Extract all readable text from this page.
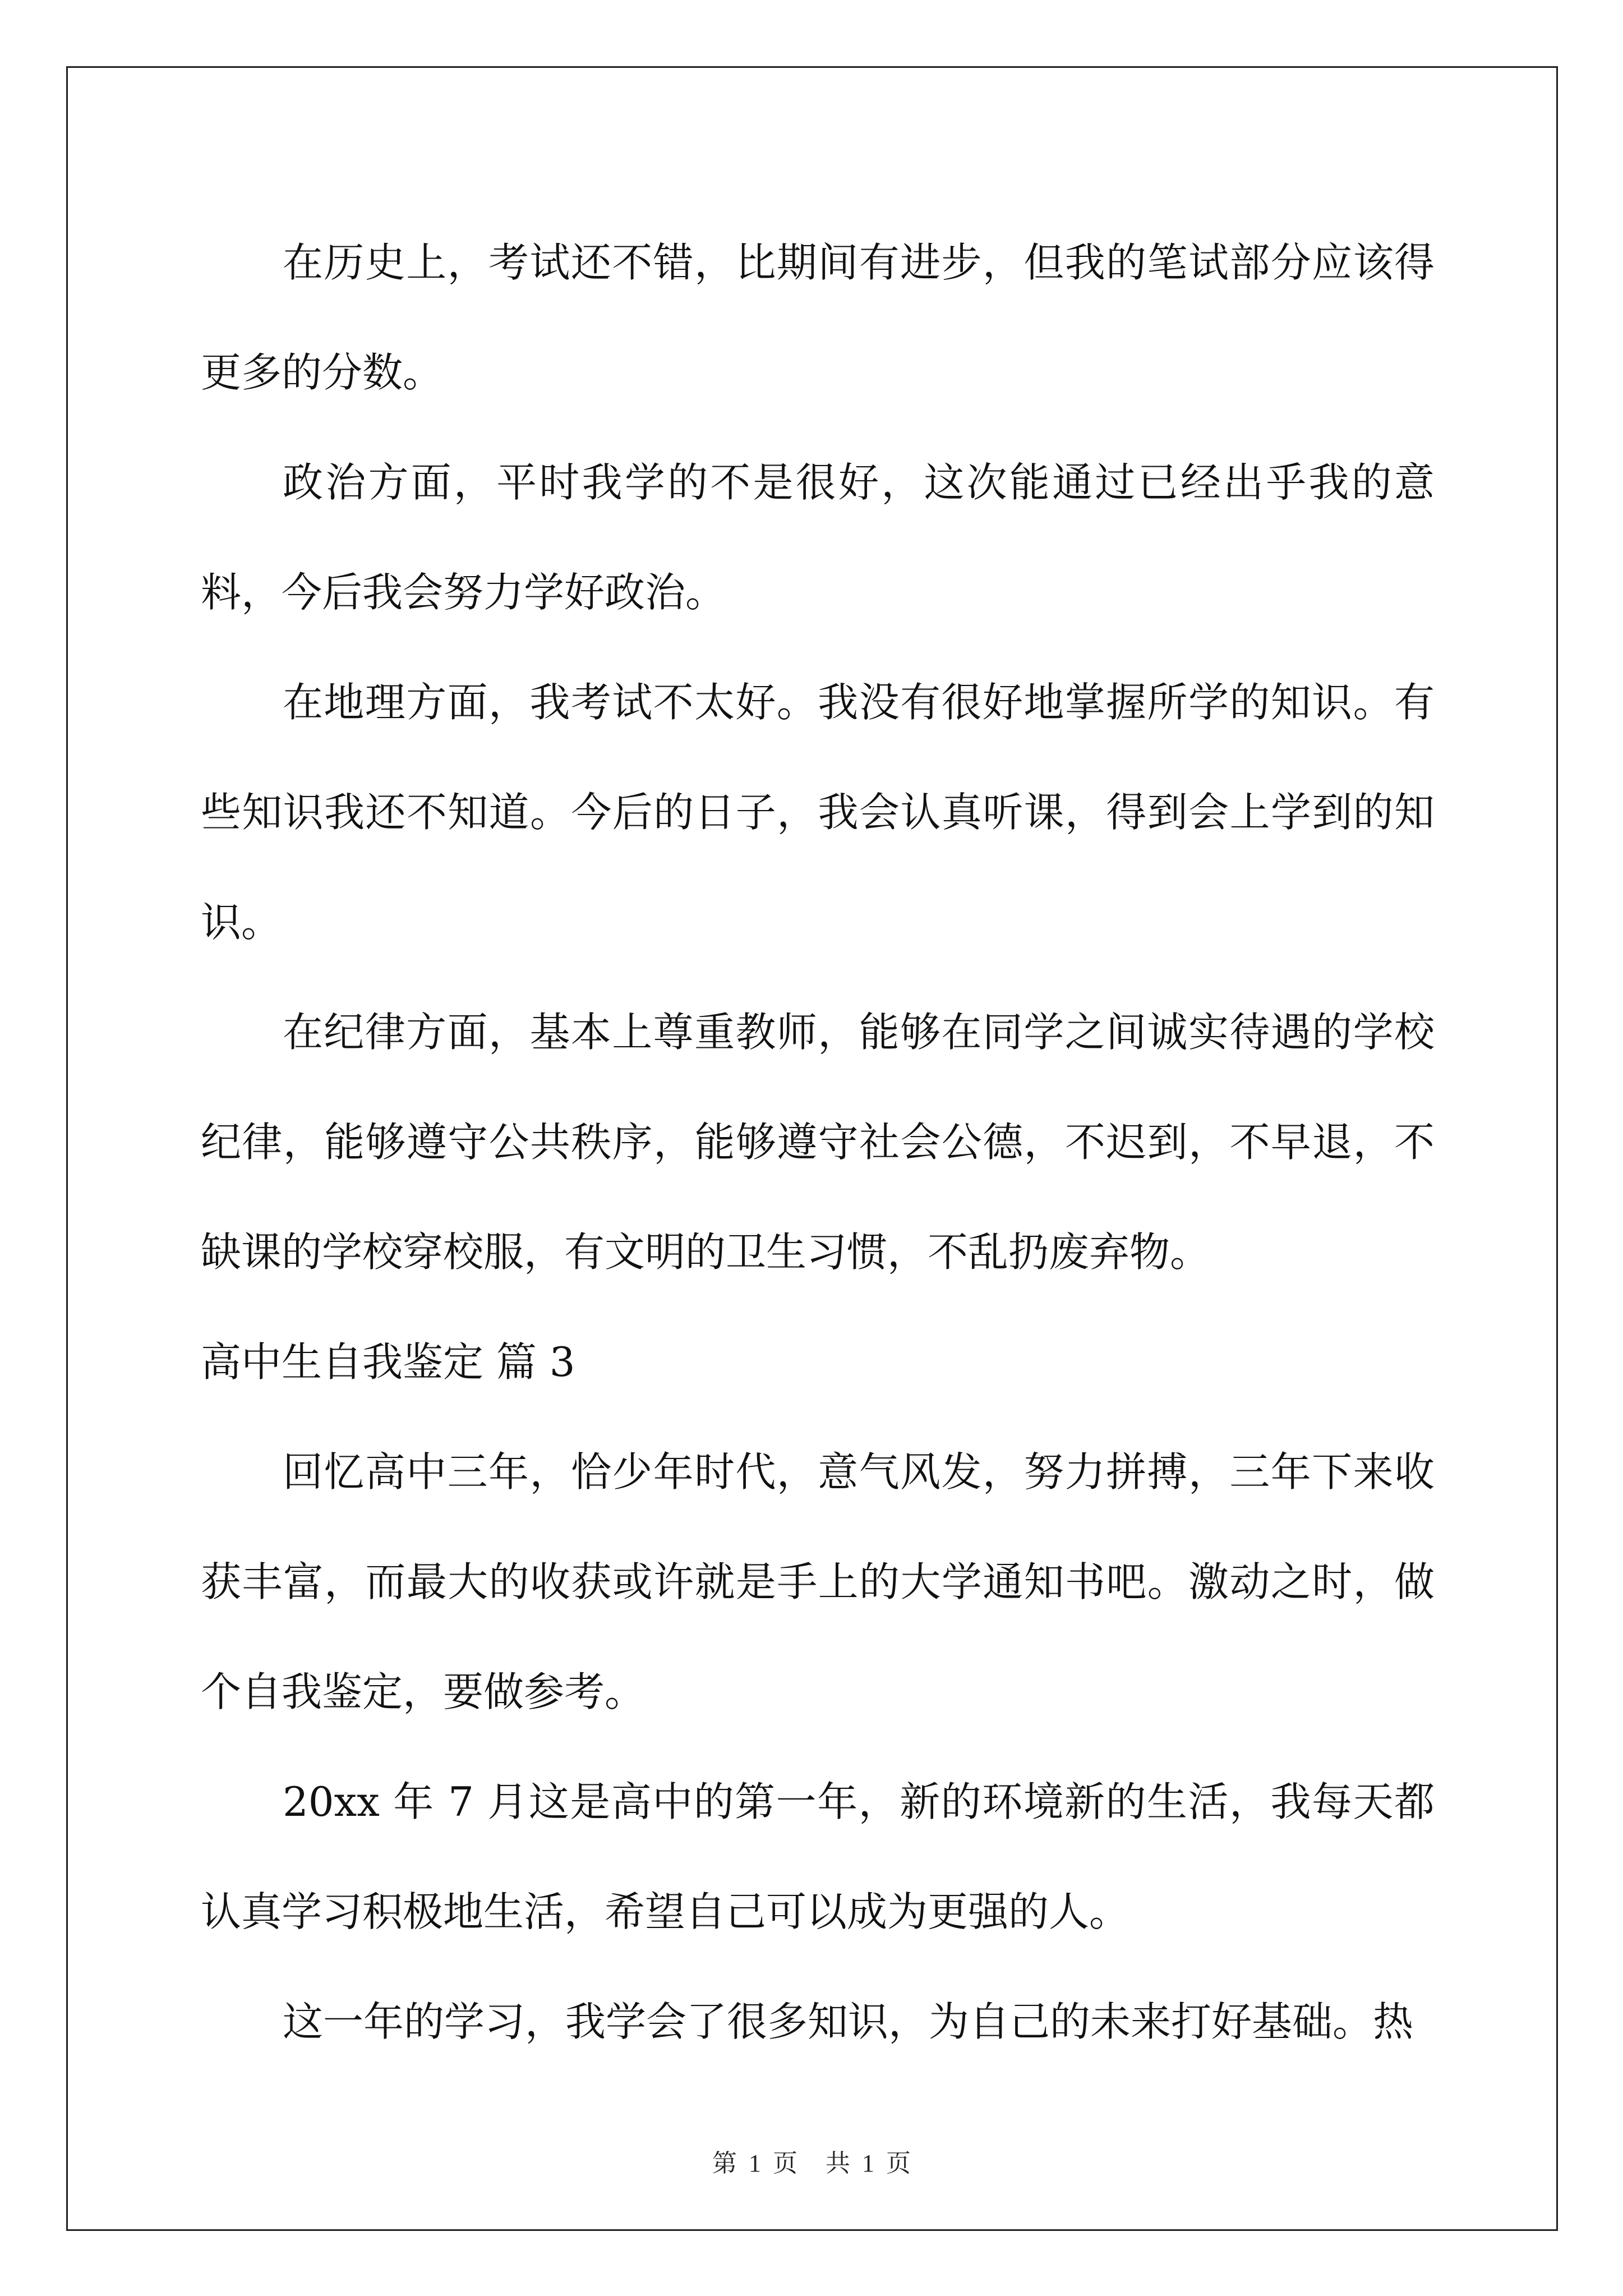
在历史上，考试还不错，比期间有进步，但我的笔试部分应该得更多的分数。

政治方面，平时我学的不是很好，这次能通过已经出乎我的意料，今后我会努力学好政治。

在地理方面，我考试不太好。我没有很好地掌握所学的知识。有些知识我还不知道。今后的日子，我会认真听课，得到会上学到的知识。

在纪律方面，基本上尊重教师，能够在同学之间诚实待遇的学校纪律，能够遵守公共秩序，能够遵守社会公德，不迟到，不早退，不缺课的学校穿校服，有文明的卫生习惯，不乱扔废弃物。

高中生自我鉴定 篇 3

回忆高中三年，恰少年时代，意气风发，努力拼搏，三年下来收获丰富，而最大的收获或许就是手上的大学通知书吧。激动之时，做个自我鉴定，要做参考。

20xx 年 7 月这是高中的第一年，新的环境新的生活，我每天都认真学习积极地生活，希望自己可以成为更强的人。

这一年的学习，我学会了很多知识，为自己的未来打好基础。热

第 1 页 共 1 页
